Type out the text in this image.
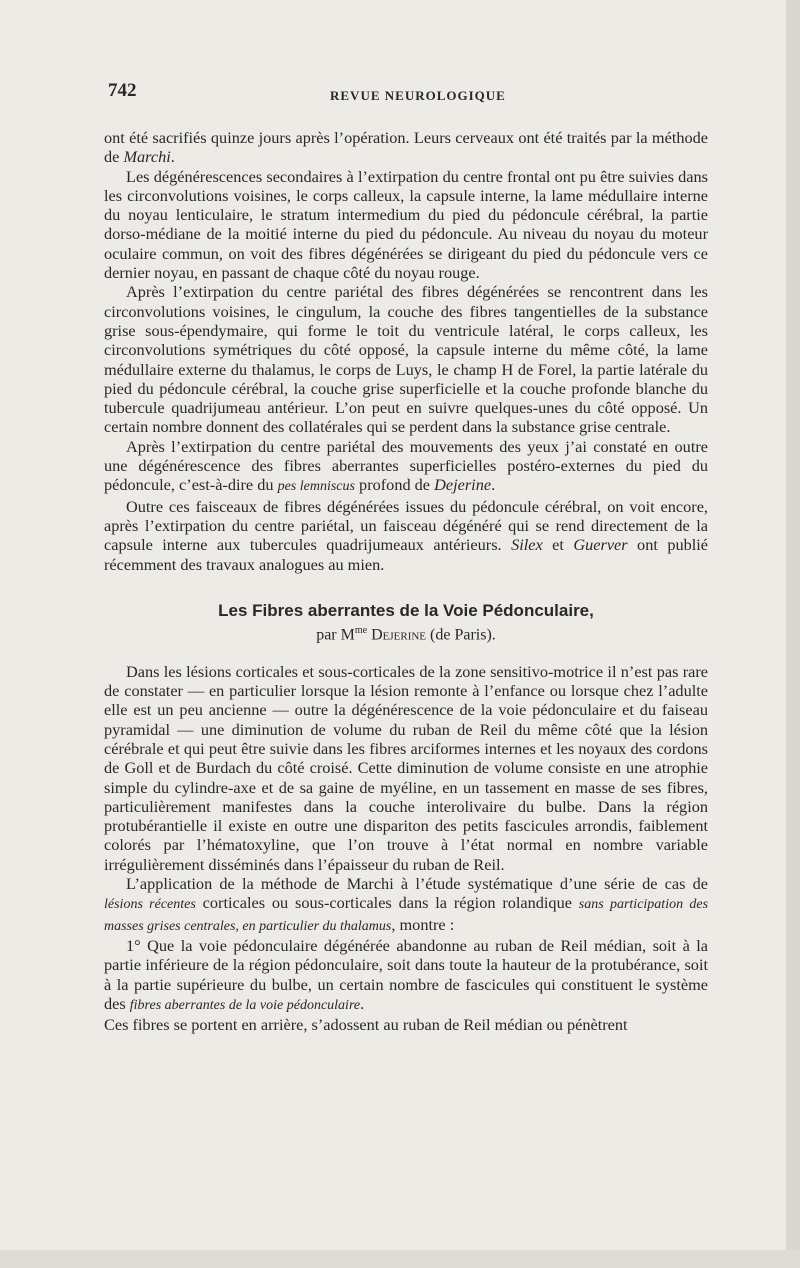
742	REVUE NEUROLOGIQUE

ont été sacrifiés quinze jours après l’opération. Leurs cerveaux ont été traités par la méthode de Marchi.

Les dégénérescences secondaires à l’extirpation du centre frontal ont pu être suivies dans les circonvolutions voisines, le corps calleux, la capsule interne, la lame médullaire interne du noyau lenticulaire, le stratum intermedium du pied du pédoncule cérébral, la partie dorso-médiane de la moitié interne du pied du pédoncule. Au niveau du noyau du moteur oculaire commun, on voit des fibres dégénérées se dirigeant du pied du pédoncule vers ce dernier noyau, en passant de chaque côté du noyau rouge.

Après l’extirpation du centre pariétal des fibres dégénérées se rencontrent dans les circonvolutions voisines, le cingulum, la couche des fibres tangentielles de la substance grise sous-épendymaire, qui forme le toit du ventricule latéral, le corps calleux, les circonvolutions symétriques du côté opposé, la capsule interne du même côté, la lame médullaire externe du thalamus, le corps de Luys, le champ H de Forel, la partie latérale du pied du pédoncule cérébral, la couche grise superficielle et la couche profonde blanche du tubercule quadrijumeau antérieur. L’on peut en suivre quelques-unes du côté opposé. Un certain nombre donnent des collatérales qui se perdent dans la substance grise centrale.

Après l’extirpation du centre pariétal des mouvements des yeux j’ai constaté en outre une dégénérescence des fibres aberrantes superficielles postéro-externes du pied du pédoncule, c’est-à-dire du pes lemniscus profond de Dejerine.

Outre ces faisceaux de fibres dégénérées issues du pédoncule cérébral, on voit encore, après l’extirpation du centre pariétal, un faisceau dégénéré qui se rend directement de la capsule interne aux tubercules quadrijumeaux antérieurs. Silex et Guerver ont publié récemment des travaux analogues au mien.

Les Fibres aberrantes de la Voie Pédonculaire,
par $M^{me}$ Dejerine (de Paris).

Dans les lésions corticales et sous-corticales de la zone sensitivo-motrice il n’est pas rare de constater — en particulier lorsque la lésion remonte à l’enfance ou lorsque chez l’adulte elle est un peu ancienne — outre la dégénérescence de la voie pédonculaire et du faiseau pyramidal — une diminution de volume du ruban de Reil du même côté que la lésion cérébrale et qui peut être suivie dans les fibres arciformes internes et les noyaux des cordons de Goll et de Burdach du côté croisé. Cette diminution de volume consiste en une atrophie simple du cylindre-axe et de sa gaine de myéline, en un tassement en masse de ses fibres, particulièrement manifestes dans la couche interolivaire du bulbe. Dans la région protubérantielle il existe en outre une dispariton des petits fascicules arrondis, faiblement colorés par l’hématoxyline, que l’on trouve à l’état normal en nombre variable irrégulièrement disséminés dans l’épaisseur du ruban de Reil.

L’application de la méthode de Marchi à l’étude systématique d’une série de cas de lésions récentes corticales ou sous-corticales dans la région rolandique sans participation des masses grises centrales, en particulier du thalamus, montre :

1° Que la voie pédonculaire dégénérée abandonne au ruban de Reil médian, soit à la partie inférieure de la région pédonculaire, soit dans toute la hauteur de la protubérance, soit à la partie supérieure du bulbe, un certain nombre de fascicules qui constituent le système des fibres aberrantes de la voie pédonculaire.

Ces fibres se portent en arrière, s’adossent au ruban de Reil médian ou pénètrent
